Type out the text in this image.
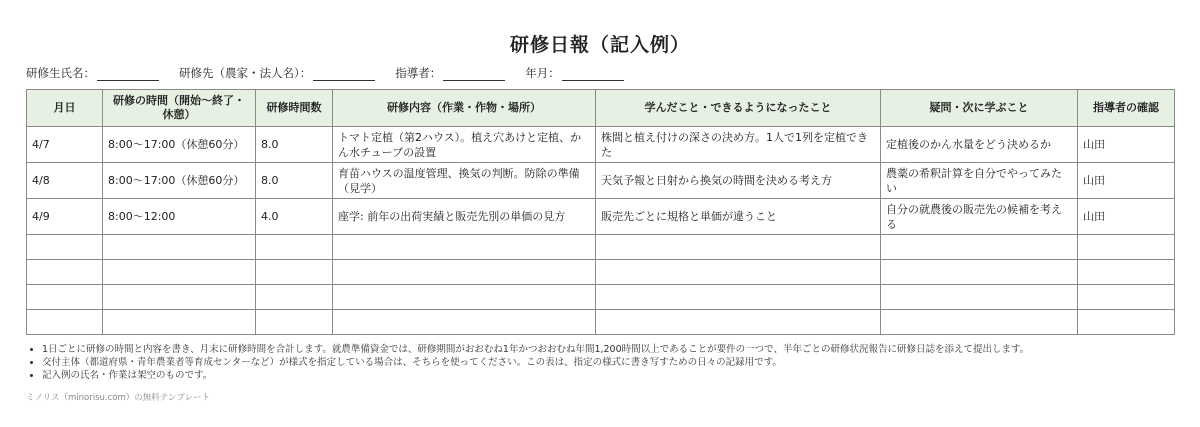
研修日報（記入例）
研修生氏名：	研修先（農家・法人名）：	指導者：	年月：
月日	研修の時間（開始〜終了・休憩）	研修時間数	研修内容（作業・作物・場所）	学んだこと・できるようになったこと	疑問・次に学ぶこと	指導者の確認
4/7	8:00〜17:00（休憩60分）	8.0	トマト定植（第2ハウス）。植え穴あけと定植、かん水チューブの設置	株間と植え付けの深さの決め方。1人で1列を定植できた	定植後のかん水量をどう決めるか	山田
4/8	8:00〜17:00（休憩60分）	8.0	育苗ハウスの温度管理、換気の判断。防除の準備（見学）	天気予報と日射から換気の時間を決める考え方	農薬の希釈計算を自分でやってみたい	山田
4/9	8:00〜12:00	4.0	座学: 前年の出荷実績と販売先別の単価の見方	販売先ごとに規格と単価が違うこと	自分の就農後の販売先の候補を考える	山田

• 1日ごとに研修の時間と内容を書き、月末に研修時間を合計します。就農準備資金では、研修期間がおおむね1年かつおおむね年間1,200時間以上であることが要件の一つで、半年ごとの研修状況報告に研修日誌を添えて提出します。
• 交付主体（都道府県・青年農業者等育成センターなど）が様式を指定している場合は、そちらを使ってください。この表は、指定の様式に書き写すための日々の記録用です。
• 記入例の氏名・作業は架空のものです。
ミノリス（minorisu.com）の無料テンプレート
